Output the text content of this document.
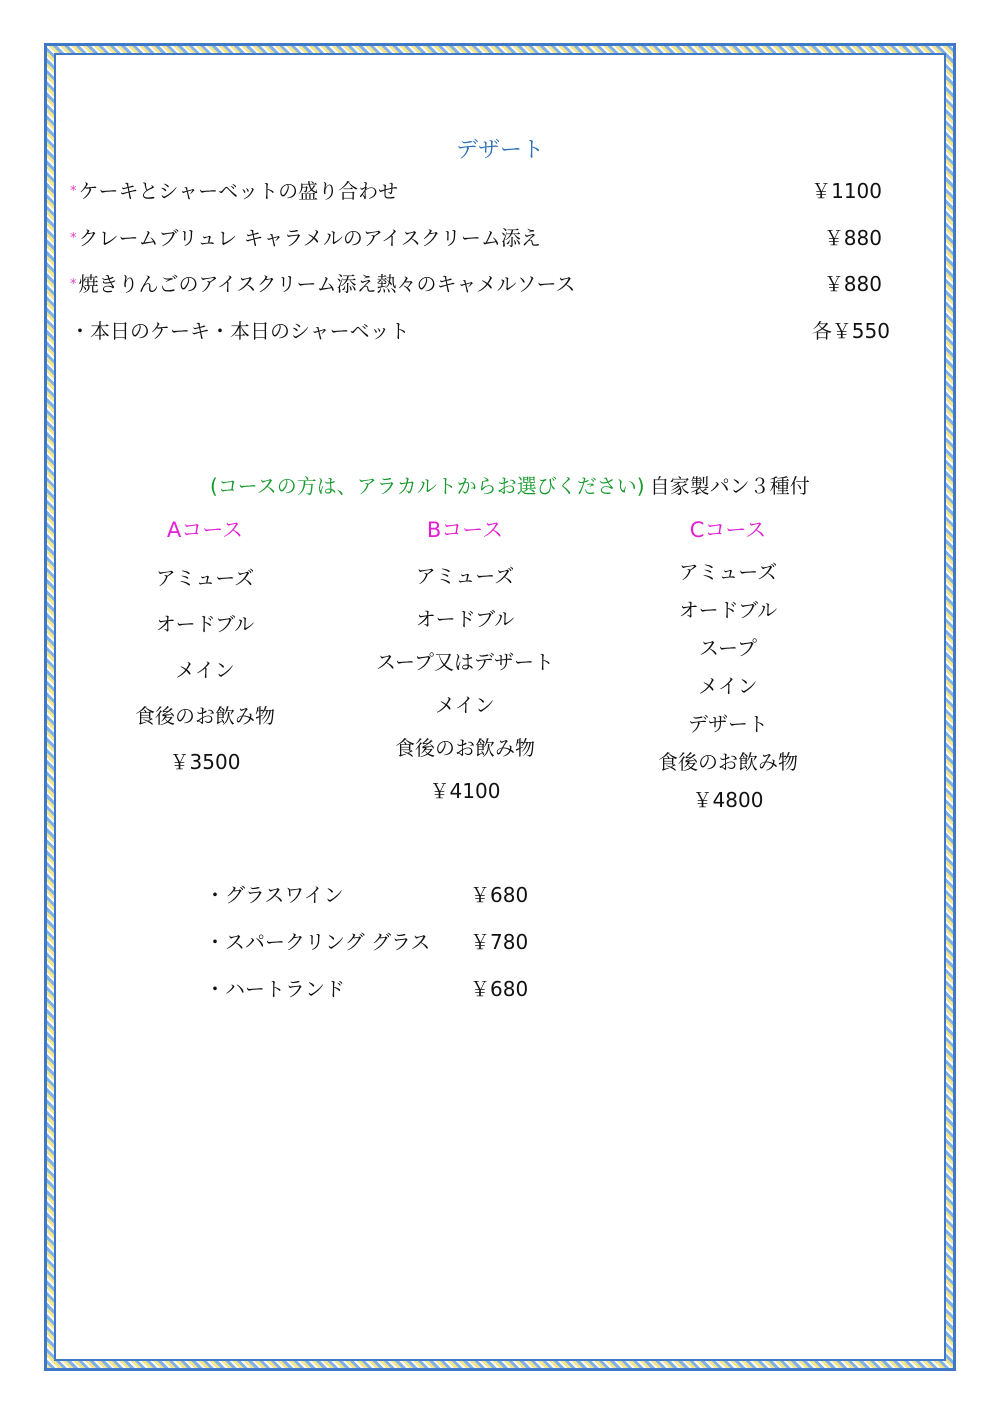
デザート
* ケーキとシャーベットの盛り合わせ	￥1100
* クレームブリュレ キャラメルのアイスクリーム添え	￥880
* 焼きりんごのアイスクリーム添え熱々のキャメルソース	￥880
・本日のケーキ・本日のシャーベット	各￥550
(コースの方は、アラカルトからお選びください) 自家製パン３種付
Aコース
アミューズ
オードブル
メイン
食後のお飲み物
￥3500
Bコース
アミューズ
オードブル
スープ又はデザート
メイン
食後のお飲み物
￥4100
Cコース
アミューズ
オードブル
スープ
メイン
デザート
食後のお飲み物
￥4800
・グラスワイン	￥680
・スパークリング グラス ￥780
・ハートランド	￥680
